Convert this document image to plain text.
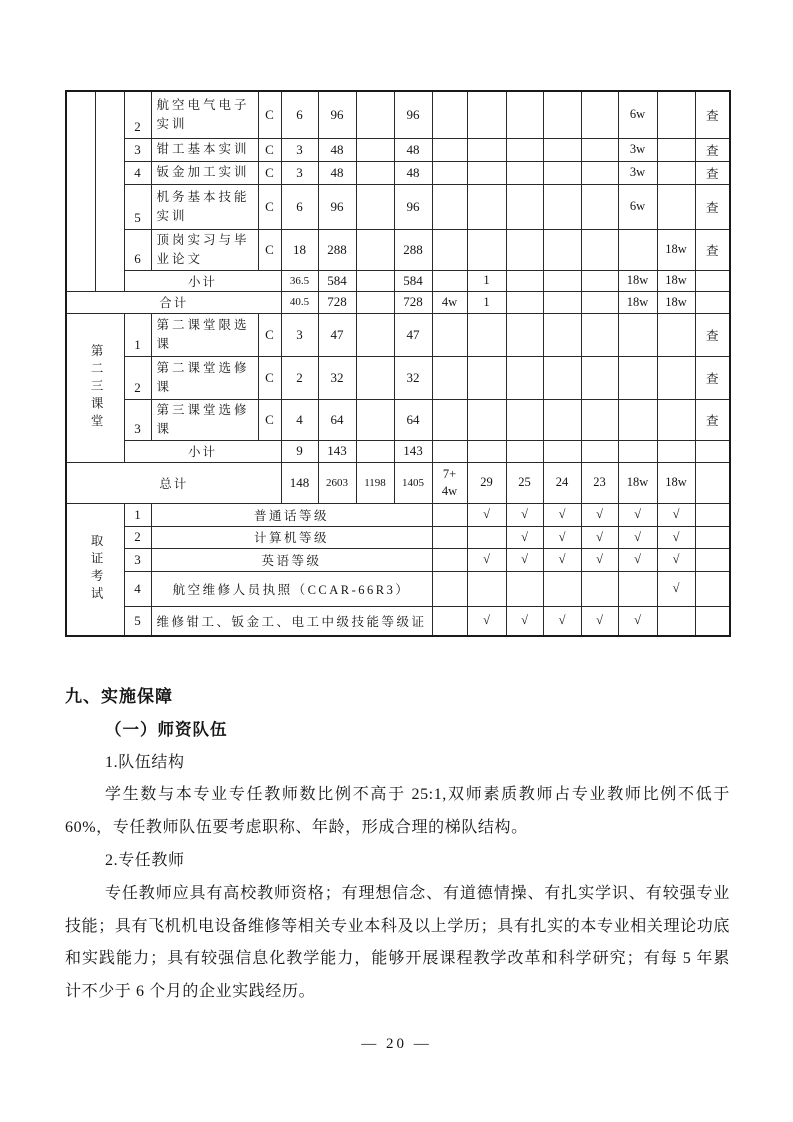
		2	航空电气电子实训	C	6	96		96						6w		查
		3	钳工基本实训	C	3	48		48						3w		查
		4	钣金加工实训	C	3	48		48						3w		查
		5	机务基本技能实训	C	6	96		96						6w		查
		6	顶岗实习与毕业论文	C	18	288		288							18w	查
		小计			36.5	584		584		1				18w	18w	
合计					40.5	728		728	4w	1				18w	18w	

第二三课堂		1	第二课堂限选课	C	3	47		47								查
		2	第二课堂选修课	C	2	32		32								查
		3	第三课堂选修课	C	4	64		64								查
		小计			9	143		143								
总计					148	2603	1198	1405	7+4w	29	25	24	23	18w	18w	

取证考试		1	普通话等级							√	√	√	√	√	√	
		2	计算机等级								√	√	√	√	√	
		3	英语等级							√	√	√	√	√	√	
		4	航空维修人员执照（CCAR-66R3）												√	
		5	维修钳工、钣金工、电工中级技能等级证							√	√	√	√	√		
九、实施保障
（一）师资队伍
1.队伍结构

学生数与本专业专任教师数比例不高于 25:1,双师素质教师占专业教师比例不低于 60%，专任教师队伍要考虑职称、年龄，形成合理的梯队结构。

2.专任教师

专任教师应具有高校教师资格；有理想信念、有道德情操、有扎实学识、有较强专业技能；具有飞机机电设备维修等相关专业本科及以上学历；具有扎实的本专业相关理论功底和实践能力；具有较强信息化教学能力，能够开展课程教学改革和科学研究；有每 5 年累计不少于 6 个月的企业实践经历。

— 20 —
